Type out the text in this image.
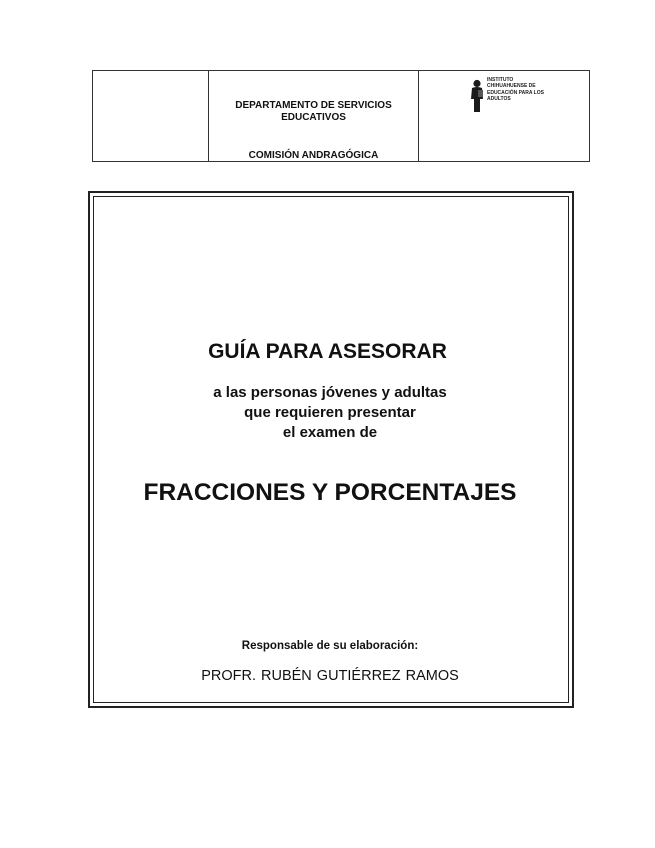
DEPARTAMENTO DE SERVICIOS
EDUCATIVOS
COMISIÓN ANDRAGÓGICA
INSTITUTO
CHIHUAHUENSE DE
EDUCACIÓN PARA LOS
ADULTOS
GUÍA PARA ASESORAR
a las personas jóvenes y adultas
que requieren presentar
el examen de
FRACCIONES Y PORCENTAJES
Responsable de su elaboración:
PROFR. RUBÉN GUTIÉRREZ RAMOS
